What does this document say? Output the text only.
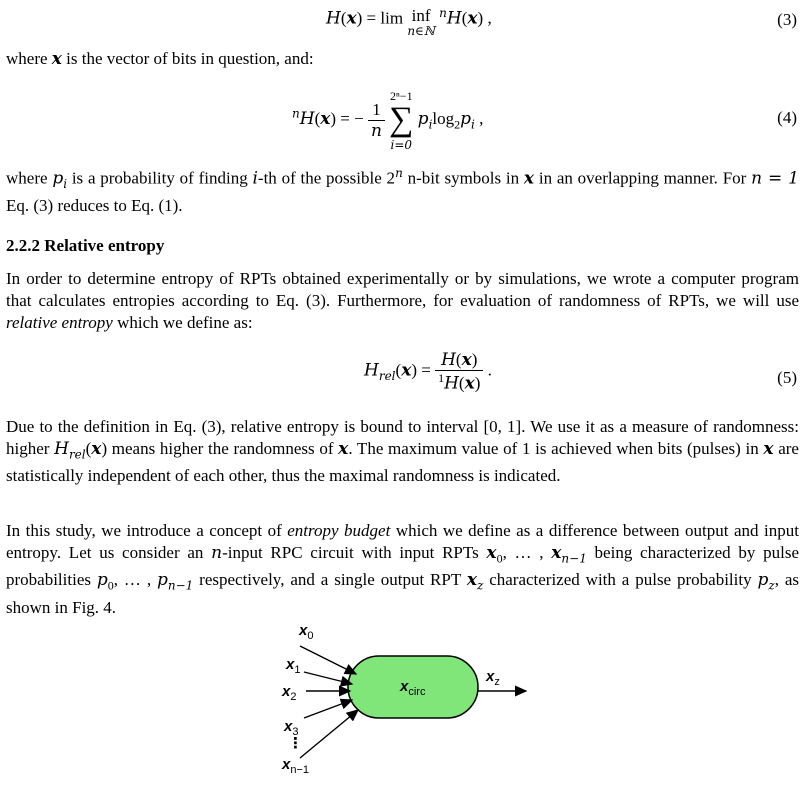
H(x) = lim inf
$^{n\in ℕ}$ $^n$H(x) ,	(3)
where x is the vector of bits in question, and:
$^n$H(x) = − $\frac{1}{n}$
2ⁿ−1
∑
i=0 $p_i\log_2p_i$ ,	(4)
where $p_i$ is a probability of finding i-th of the possible 2$^n$ n-bit symbols in x in an overlapping manner. For n = 1 Eq. (3) reduces to Eq. (1).
2.2.2 Relative entropy
In order to determine entropy of RPTs obtained experimentally or by simulations, we wrote a computer program that calculates entropies according to Eq. (3). Furthermore, for evaluation of randomness of RPTs, we will use relative entropy which we define as:
$H_{rel}(x) = \frac{H(x)}{^1H(x)}$ .	(5)
Due to the definition in Eq. (3), relative entropy is bound to interval [0, 1]. We use it as a measure of randomness: higher $H_{rel}(x)$ means higher the randomness of x. The maximum value of 1 is achieved when bits (pulses) in x are statistically independent of each other, thus the maximal randomness is indicated.
In this study, we introduce a concept of entropy budget which we define as a difference between output and input entropy. Let us consider an n-input RPC circuit with input RPTs $x_0$, … , $x_{n-1}$ being characterized by pulse probabilities $p_0$, … , $p_{n-1}$ respectively, and a single output RPT $x_z$ characterized with a pulse probability $p_z$, as shown in Fig. 4.
$x_0$
$x_1$
$x_2$
$x_3$
⋮
$x_{n-1}$
$x_{circ}$
$x_z$
